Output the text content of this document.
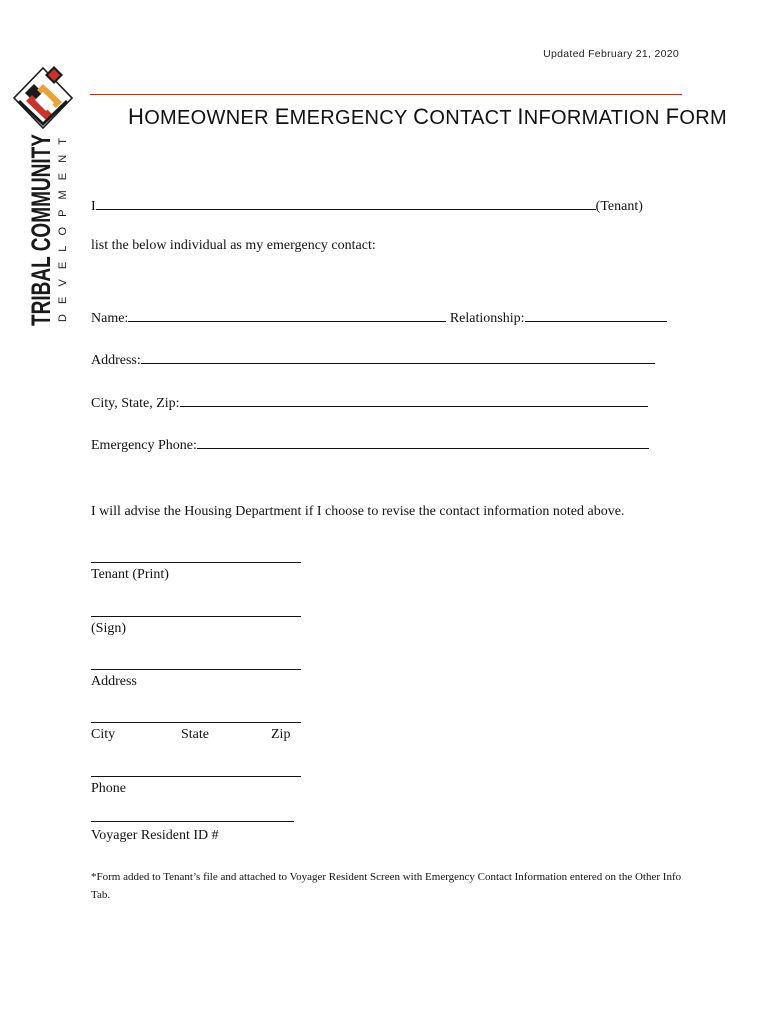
Updated February 21, 2020
TRIBAL COMMUNITY DEVELOPMENT
HOMEOWNER EMERGENCY CONTACT INFORMATION FORM
I	(Tenant)
list the below individual as my emergency contact:
Name:	Relationship:
Address:
City, State, Zip:
Emergency Phone:
I will advise the Housing Department if I choose to revise the contact information noted above.
Tenant (Print)
(Sign)
Address
City	State	Zip
Phone
Voyager Resident ID #
*Form added to Tenant’s file and attached to Voyager Resident Screen with Emergency Contact Information entered on the Other Info Tab.
